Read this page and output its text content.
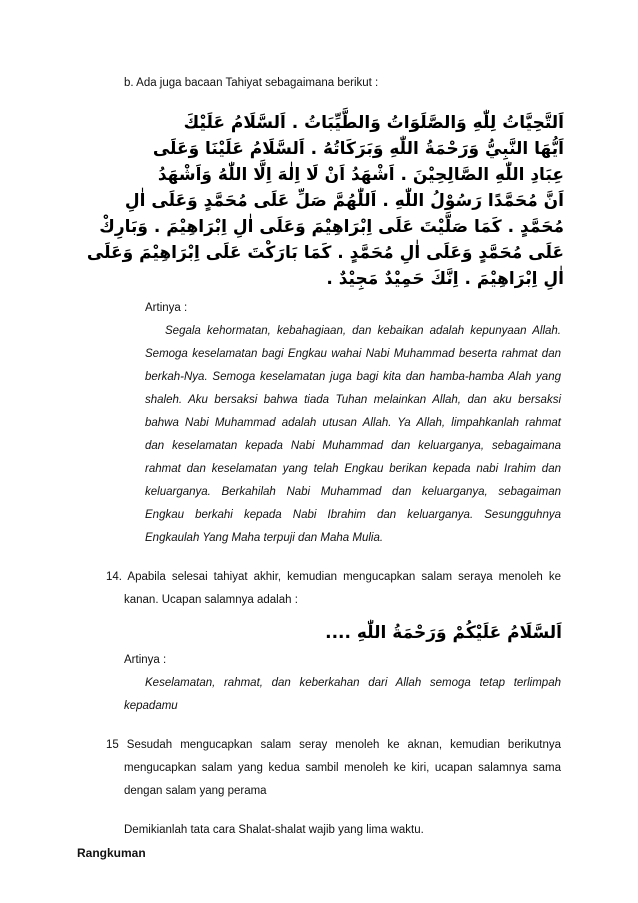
b. Ada juga bacaan Tahiyat sebagaimana berikut :
اَلتَّحِيَّاتُ لِلّٰهِ وَالصَّلَوَاتُ وَالطَّيِّبَاتُ . اَلسَّلَامُ عَلَيْكَ
اَيُّهَا النَّبِيُّ وَرَحْمَةُ اللّٰهِ وَبَرَكَاتُهُ . اَلسَّلَامُ عَلَيْنَا وَعَلَى
عِبَادِ اللّٰهِ الصَّالِحِيْنَ . اَشْهَدُ اَنْ لَا اِلٰهَ اِلَّا اللّٰهُ وَاَشْهَدُ
اَنَّ مُحَمَّدًا رَسُوْلُ اللّٰهِ . اَللّٰهُمَّ صَلِّ عَلَى مُحَمَّدٍ وَعَلَى اٰلِ
مُحَمَّدٍ . كَمَا صَلَّيْتَ عَلَى اِبْرَاهِيْمَ وَعَلَى اٰلِ اِبْرَاهِيْمَ . وَبَارِكْ
عَلَى مُحَمَّدٍ وَعَلَى اٰلِ مُحَمَّدٍ . كَمَا بَارَكْتَ عَلَى اِبْرَاهِيْمَ وَعَلَى
اٰلِ اِبْرَاهِيْمَ . اِنَّكَ حَمِيْدٌ مَجِيْدٌ .
Artinya :
Segala kehormatan, kebahagiaan, dan kebaikan adalah kepunyaan Allah.
Semoga keselamatan bagi Engkau wahai Nabi Muhammad beserta rahmat dan
berkah-Nya. Semoga keselamatan juga bagi kita dan hamba-hamba Alah yang
shaleh. Aku bersaksi bahwa tiada Tuhan melainkan Allah, dan aku bersaksi
bahwa Nabi Muhammad adalah utusan Allah. Ya Allah, limpahkanlah rahmat
dan keselamatan kepada Nabi Muhammad dan keluarganya, sebagaimana
rahmat dan keselamatan yang telah Engkau berikan kepada nabi Irahim dan
keluarganya. Berkahilah Nabi Muhammad dan keluarganya, sebagaiman
Engkau berkahi kepada Nabi Ibrahim dan keluarganya. Sesungguhnya
Engkaulah Yang Maha terpuji dan Maha Mulia.
14. Apabila selesai tahiyat akhir, kemudian mengucapkan salam seraya menoleh ke
kanan. Ucapan salamnya adalah :
اَلسَّلَامُ عَلَيْكُمْ وَرَحْمَةُ اللّٰهِ ....
Artinya :
Keselamatan, rahmat, dan keberkahan dari Allah semoga tetap terlimpah
kepadamu
15 Sesudah mengucapkan salam seray menoleh ke aknan, kemudian berikutnya
mengucapkan salam yang kedua sambil menoleh ke kiri, ucapan salamnya sama
dengan salam yang perama
Demikianlah tata cara Shalat-shalat wajib yang lima waktu.
Rangkuman
